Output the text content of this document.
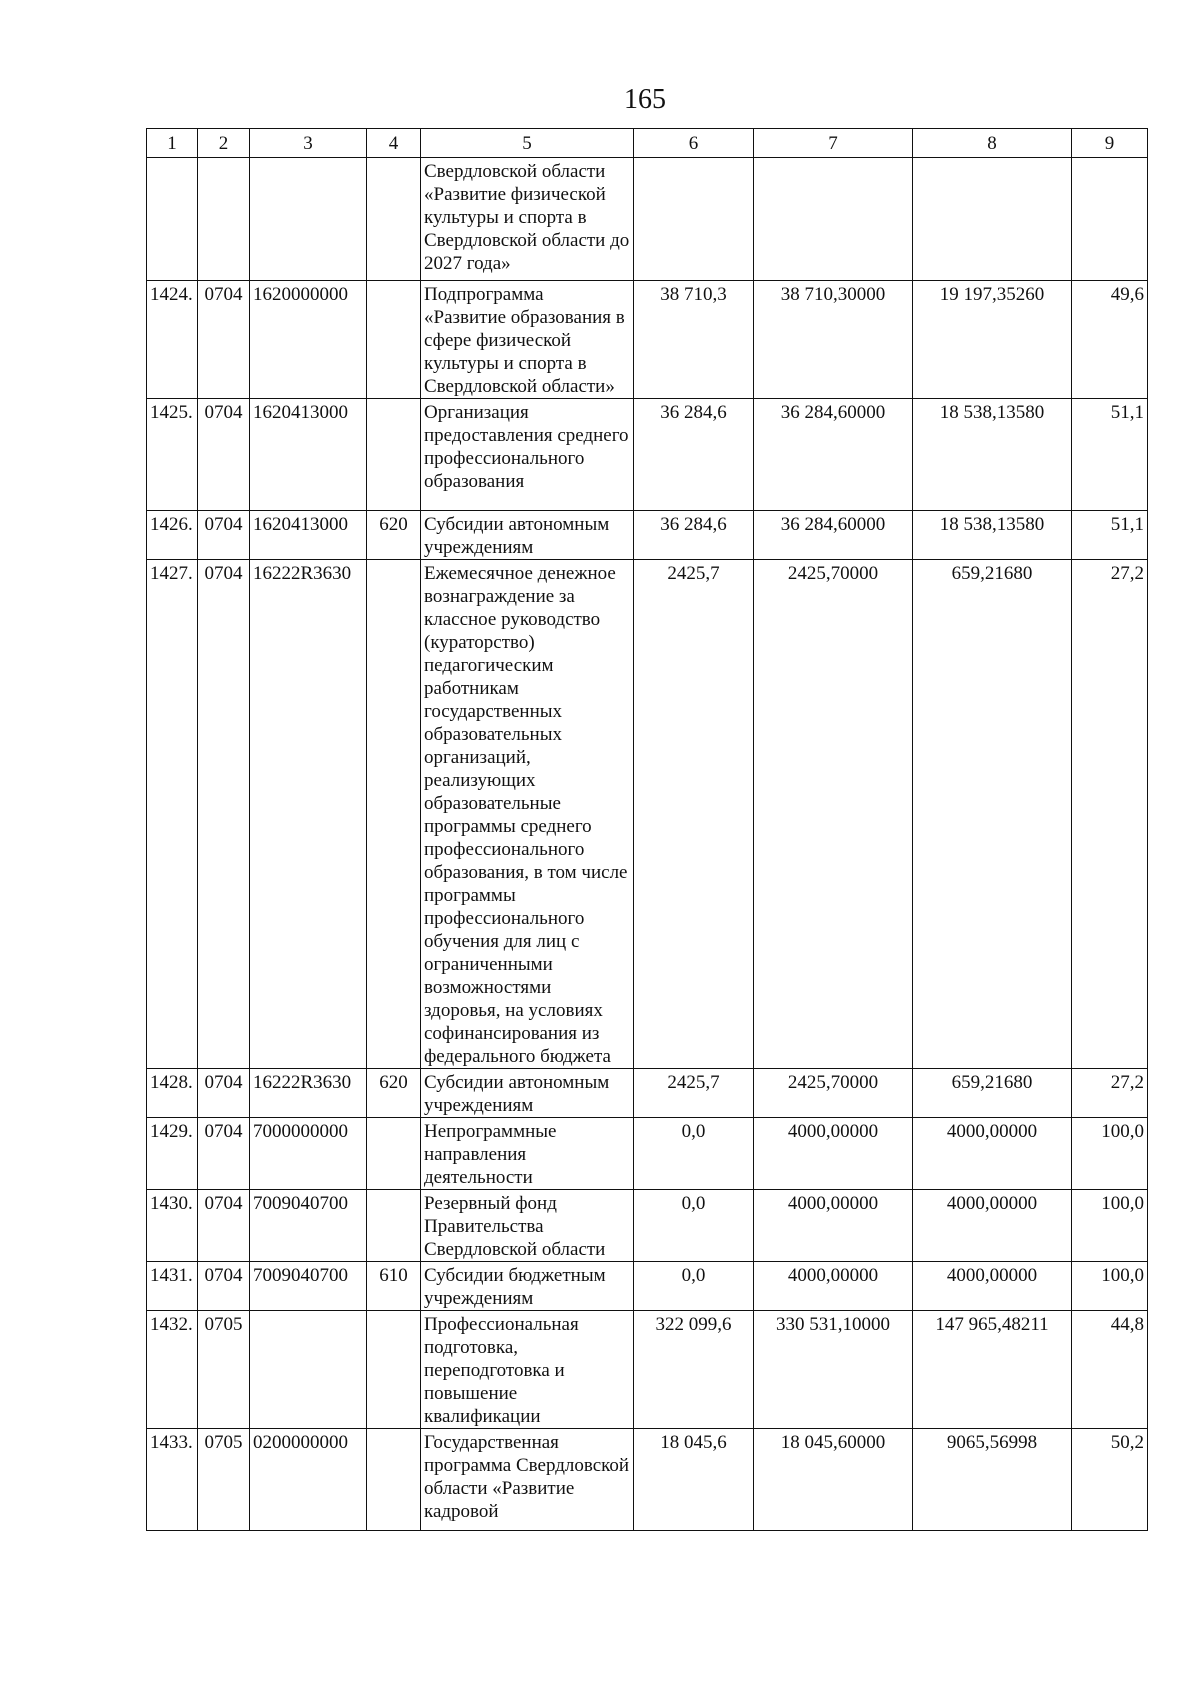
165
1	2	3	4	5	6	7	8	9
				Свердловской области «Развитие физической культуры и спорта в Свердловской области до 2027 года»				
1424.	0704	1620000000		Подпрограмма «Развитие образования в сфере физической культуры и спорта в Свердловской области»	38 710,3	38 710,30000	19 197,35260	49,6
1425.	0704	1620413000		Организация предоставления среднего профессионального образования	36 284,6	36 284,60000	18 538,13580	51,1
1426.	0704	1620413000	620	Субсидии автономным учреждениям	36 284,6	36 284,60000	18 538,13580	51,1
1427.	0704	16222R3630		Ежемесячное денежное вознаграждение за классное руководство (кураторство) педагогическим работникам государственных образовательных организаций, реализующих образовательные программы среднего профессионального образования, в том числе программы профессионального обучения для лиц с ограниченными возможностями здоровья, на условиях софинансирования из федерального бюджета	2425,7	2425,70000	659,21680	27,2
1428.	0704	16222R3630	620	Субсидии автономным учреждениям	2425,7	2425,70000	659,21680	27,2
1429.	0704	7000000000		Непрограммные направления деятельности	0,0	4000,00000	4000,00000	100,0
1430.	0704	7009040700		Резервный фонд Правительства Свердловской области	0,0	4000,00000	4000,00000	100,0
1431.	0704	7009040700	610	Субсидии бюджетным учреждениям	0,0	4000,00000	4000,00000	100,0
1432.	0705			Профессиональная подготовка, переподготовка и повышение квалификации	322 099,6	330 531,10000	147 965,48211	44,8
1433.	0705	0200000000		Государственная программа Свердловской области «Развитие кадровой	18 045,6	18 045,60000	9065,56998	50,2
